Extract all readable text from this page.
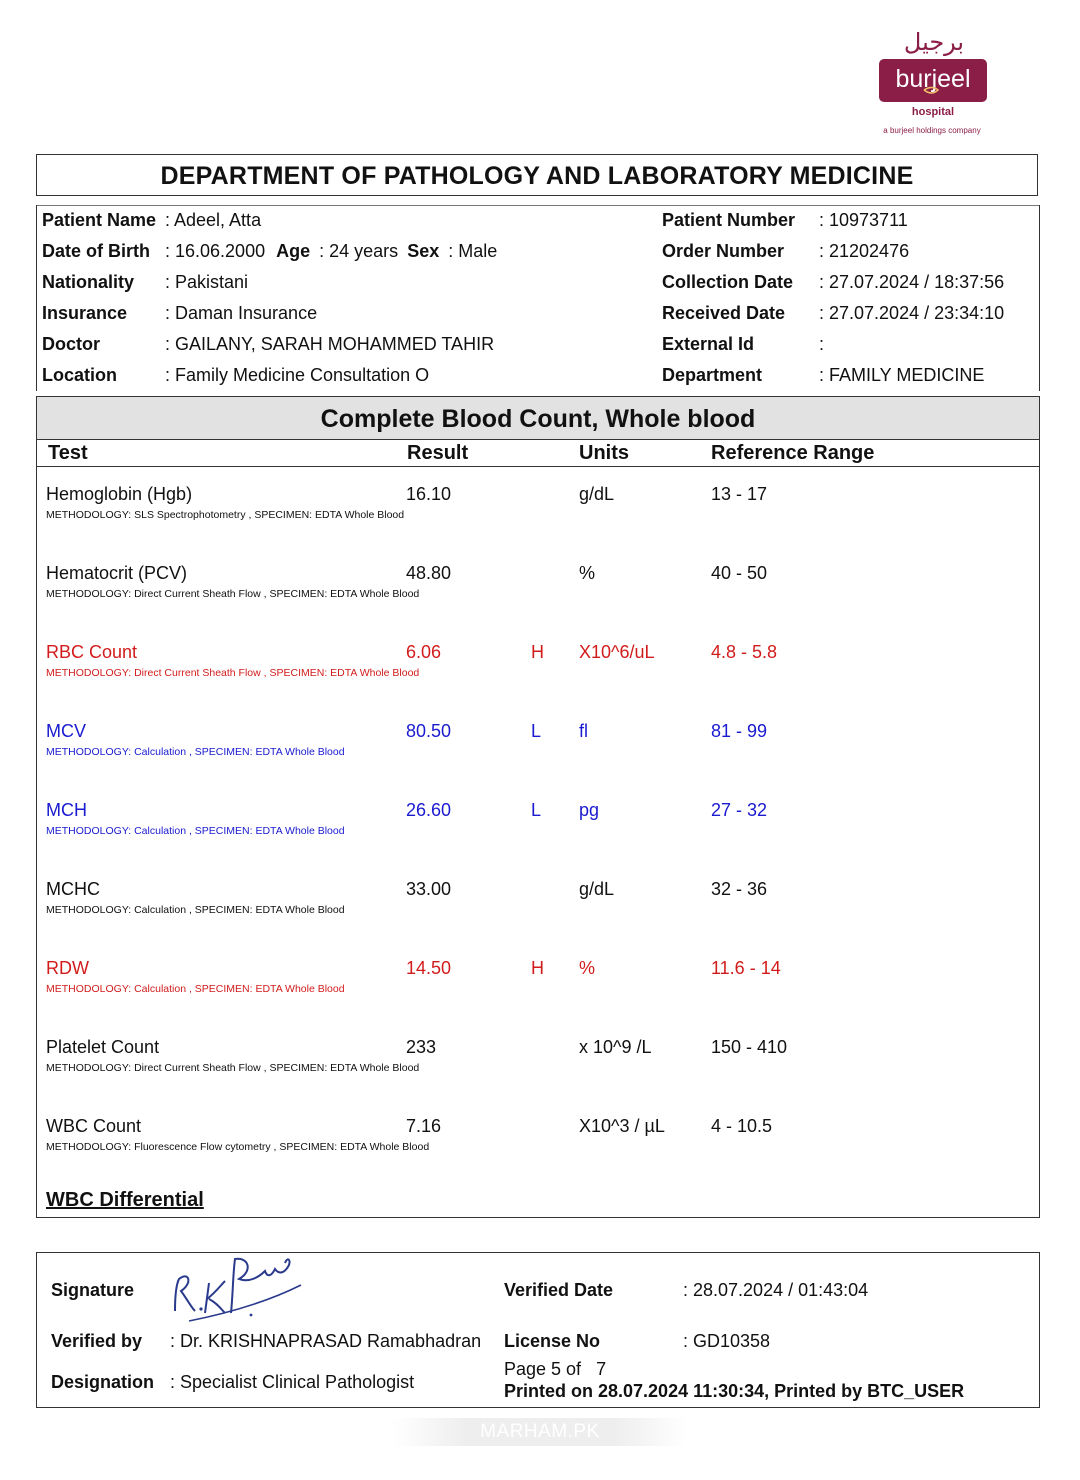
برجيل
burjeel
hospital
a burjeel holdings company
DEPARTMENT OF PATHOLOGY AND LABORATORY MEDICINE
Patient Name : Adeel, Atta	Patient Number : 10973711
Date of Birth : 16.06.2000 Age : 24 years Sex : Male	Order Number : 21202476
Nationality : Pakistani	Collection Date : 27.07.2024 / 18:37:56
Insurance : Daman Insurance	Received Date : 27.07.2024 / 23:34:10
Doctor	: GAILANY, SARAH MOHAMMED TAHIR	External Id	:
Location	: Family Medicine Consultation O	Department	: FAMILY MEDICINE
Complete Blood Count, Whole blood
Test	Result	Units	Reference Range
Hemoglobin (Hgb)	16.10	g/dL	13 - 17
METHODOLOGY: SLS Spectrophotometry , SPECIMEN: EDTA Whole Blood
Hematocrit (PCV)	48.80	%	40 - 50
METHODOLOGY: Direct Current Sheath Flow , SPECIMEN: EDTA Whole Blood
RBC Count	6.06	H X10^6/uL	4.8 - 5.8
METHODOLOGY: Direct Current Sheath Flow , SPECIMEN: EDTA Whole Blood
MCV	80.50	L fl	81 - 99
METHODOLOGY: Calculation , SPECIMEN: EDTA Whole Blood
MCH	26.60	L pg	27 - 32
METHODOLOGY: Calculation , SPECIMEN: EDTA Whole Blood
MCHC	33.00	g/dL	32 - 36
METHODOLOGY: Calculation , SPECIMEN: EDTA Whole Blood
RDW	14.50	H %	11.6 - 14
METHODOLOGY: Calculation , SPECIMEN: EDTA Whole Blood
Platelet Count	233	x 10^9 /L	150 - 410
METHODOLOGY: Direct Current Sheath Flow , SPECIMEN: EDTA Whole Blood
WBC Count	7.16	X10^3 / µL	4 - 10.5
METHODOLOGY: Fluorescence Flow cytometry , SPECIMEN: EDTA Whole Blood
WBC Differential
Signature
Verified by : Dr. KRISHNAPRASAD Ramabhadran
Designation : Specialist Clinical Pathologist
Verified Date	: 28.07.2024 / 01:43:04
License No	: GD10358
Page 5 of   7
Printed on 28.07.2024 11:30:34, Printed by BTC_USER
MARHAM.PK
